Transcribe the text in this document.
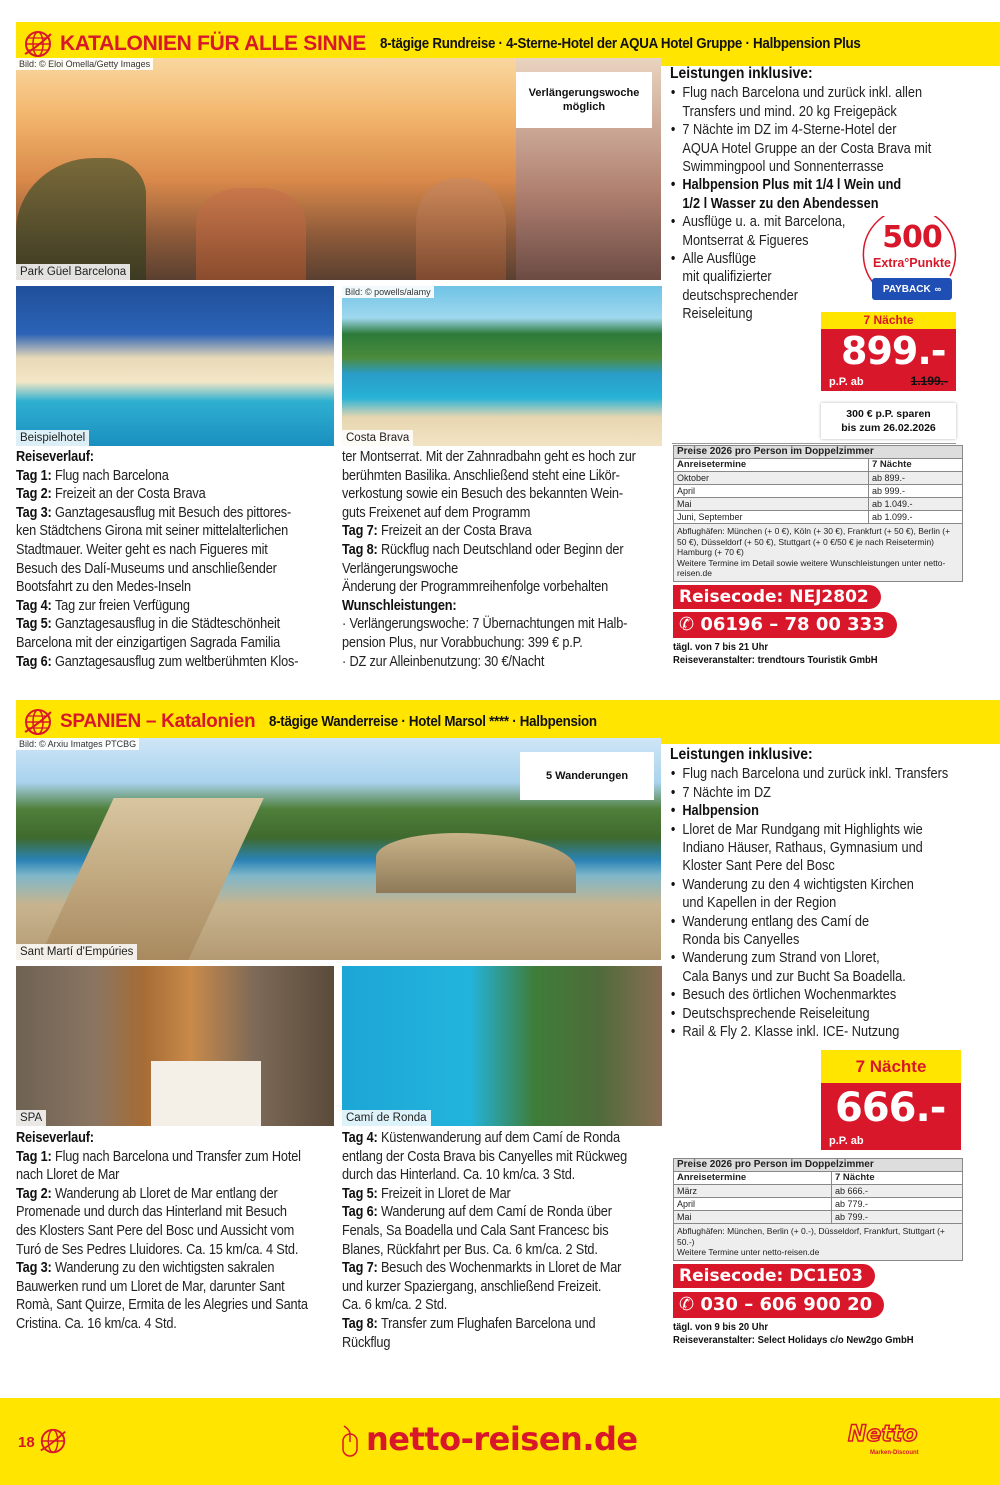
KATALONIEN FÜR ALLE SINNE 8-tägige Rundreise · 4-Sterne-Hotel der AQUA Hotel Gruppe · Halbpension Plus
Bild: © Eloi Omella/Getty Images
Park Güel Barcelona
Verlängerungswoche
möglich
Beispielhotel
Bild: © powells/alamy
Costa Brava
Reiseverlauf:
Tag 1: Flug nach Barcelona
Tag 2: Freizeit an der Costa Brava
Tag 3: Ganztagesausflug mit Besuch des pittores-
ken Städtchens Girona mit seiner mittelalterlichen
Stadtmauer. Weiter geht es nach Figueres mit
Besuch des Dalí-Museums und anschließender
Bootsfahrt zu den Medes-Inseln
Tag 4: Tag zur freien Verfügung
Tag 5: Ganztagesausflug in die Städteschönheit
Barcelona mit der einzigartigen Sagrada Familia
Tag 6: Ganztagesausflug zum weltberühmten Klos-
ter Montserrat. Mit der Zahnradbahn geht es hoch zur
berühmten Basilika. Anschließend steht eine Likör-
verkostung sowie ein Besuch des bekannten Wein-
guts Freixenet auf dem Programm
Tag 7: Freizeit an der Costa Brava
Tag 8: Rückflug nach Deutschland oder Beginn der
Verlängerungswoche
Änderung der Programmreihenfolge vorbehalten
Wunschleistungen:
· Verlängerungswoche: 7 Übernachtungen mit Halb-
pension Plus, nur Vorabbuchung: 399 € p.P.
· DZ zur Alleinbenutzung: 30 €/Nacht
Leistungen inklusive:
• Flug nach Barcelona und zurück inkl. allen
Transfers und mind. 20 kg Freigepäck
• 7 Nächte im DZ im 4-Sterne-Hotel der
AQUA Hotel Gruppe an der Costa Brava mit
Swimmingpool und Sonnenterrasse
• Halbpension Plus mit 1/4 l Wein und
1/2 l Wasser zu den Abendessen
• Ausflüge u. a. mit Barcelona,
Montserrat & Figueres
• Alle Ausflüge
mit qualifizierter
deutschsprechender
Reiseleitung
500
Extra°Punkte
PAYBACK ∞
7 Nächte
899.-
p.P. ab	1.199.-
300 € p.P. sparen
bis zum 26.02.2026
Preise 2026 pro Person im Doppelzimmer	
Anreisetermine	7 Nächte
Oktober	ab 899.-
April	ab 999.-
Mai	ab 1.049.-
Juni, September	ab 1.099.-
Abflughäfen: München (+ 0 €), Köln (+ 30 €), Frankfurt (+ 50 €), Berlin (+ 50 €), Düsseldorf (+ 50 €), Stuttgart (+ 0 €/50 € je nach Reisetermin) Hamburg (+ 70 €)
Weitere Termine im Detail sowie weitere Wunschleistungen unter netto-reisen.de	
Reisecode: NEJ2802
✆ 06196 – 78 00 333
tägl. von 7 bis 21 Uhr
Reiseveranstalter: trendtours Touristik GmbH
SPANIEN – Katalonien 8-tägige Wanderreise · Hotel Marsol **** · Halbpension
Bild: © Arxiu Imatges PTCBG
Sant Martí d'Empúries
5 Wanderungen
SPA	Camí de Ronda
Reiseverlauf:
Tag 1: Flug nach Barcelona und Transfer zum Hotel
nach Lloret de Mar
Tag 2: Wanderung ab Lloret de Mar entlang der
Promenade und durch das Hinterland mit Besuch
des Klosters Sant Pere del Bosc und Aussicht vom
Turó de Ses Pedres Lluidores. Ca. 15 km/ca. 4 Std.
Tag 3: Wanderung zu den wichtigsten sakralen
Bauwerken rund um Lloret de Mar, darunter Sant
Romà, Sant Quirze, Ermita de les Alegries und Santa
Cristina. Ca. 16 km/ca. 4 Std.
Tag 4: Küstenwanderung auf dem Camí de Ronda
entlang der Costa Brava bis Canyelles mit Rückweg
durch das Hinterland. Ca. 10 km/ca. 3 Std.
Tag 5: Freizeit in Lloret de Mar
Tag 6: Wanderung auf dem Camí de Ronda über
Fenals, Sa Boadella und Cala Sant Francesc bis
Blanes, Rückfahrt per Bus. Ca. 6 km/ca. 2 Std.
Tag 7: Besuch des Wochenmarkts in Lloret de Mar
und kurzer Spaziergang, anschließend Freizeit.
Ca. 6 km/ca. 2 Std.
Tag 8: Transfer zum Flughafen Barcelona und
Rückflug
Leistungen inklusive:
• Flug nach Barcelona und zurück inkl. Transfers
• 7 Nächte im DZ
• Halbpension
• Lloret de Mar Rundgang mit Highlights wie
Indiano Häuser, Rathaus, Gymnasium und
Kloster Sant Pere del Bosc
• Wanderung zu den 4 wichtigsten Kirchen
und Kapellen in der Region
• Wanderung entlang des Camí de
Ronda bis Canyelles
• Wanderung zum Strand von Lloret,
Cala Banys und zur Bucht Sa Boadella.
• Besuch des örtlichen Wochenmarktes
• Deutschsprechende Reiseleitung
• Rail & Fly 2. Klasse inkl. ICE- Nutzung
7 Nächte
666.-
p.P. ab
Preise 2026 pro Person im Doppelzimmer	
Anreisetermine	7 Nächte
März	ab 666.-
April	ab 779.-
Mai	ab 799.-
Abflughäfen: München, Berlin (+ 0.-), Düsseldorf, Frankfurt, Stuttgart (+ 50.-)
Weitere Termine unter netto-reisen.de	
Reisecode: DC1E03
✆ 030 – 606 900 20
tägl. von 9 bis 20 Uhr
Reiseveranstalter: Select Holidays c/o New2go GmbH
18	netto-reisen.de	Netto
Marken-Discount
